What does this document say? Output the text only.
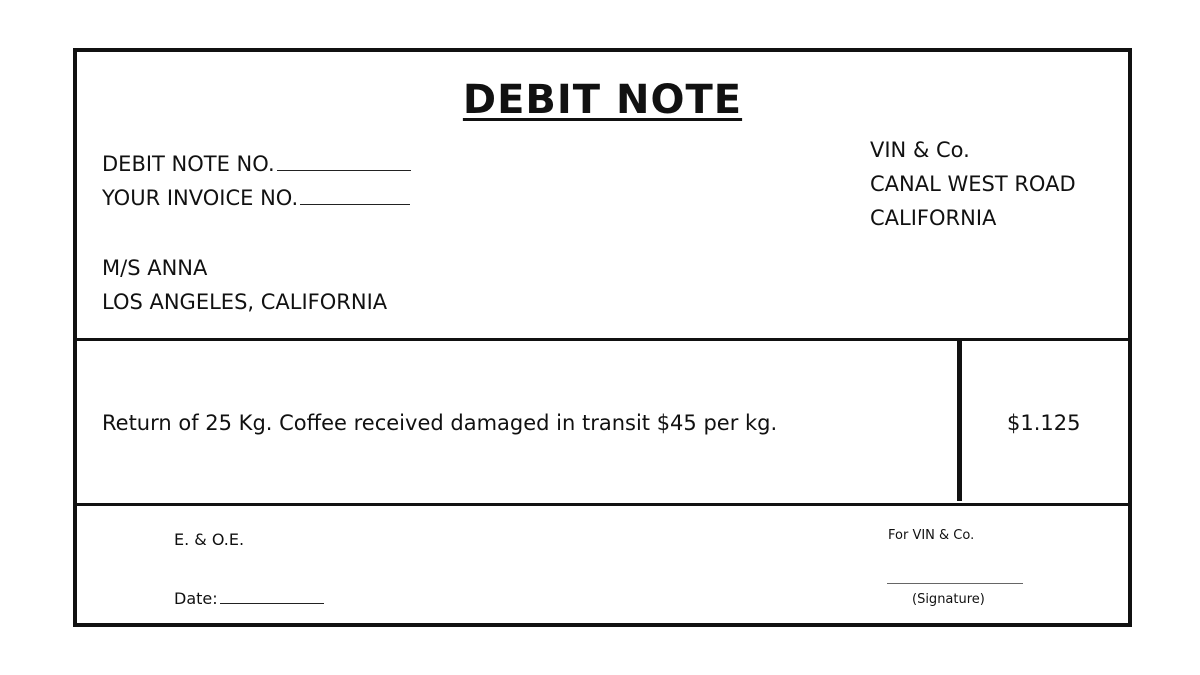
DEBIT NOTE
DEBIT NOTE NO.
YOUR INVOICE NO.
M/S ANNA
LOS ANGELES, CALIFORNIA
VIN & Co.
CANAL WEST ROAD
CALIFORNIA
Return of 25 Kg. Coffee received damaged in transit $45 per kg.	$1.125
E. & O.E.
Date:
For VIN & Co.
(Signature)
